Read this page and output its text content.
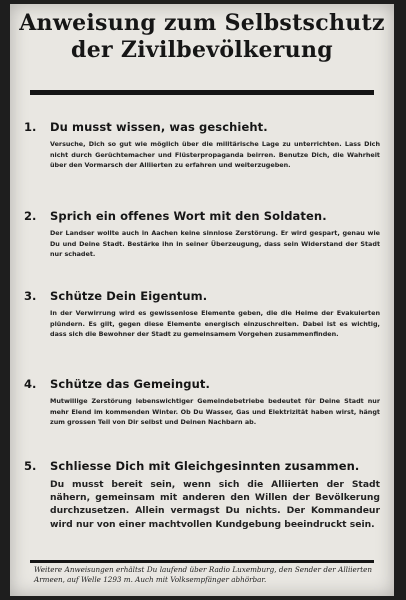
Anweisung zum Selbstschutz
der Zivilbevölkerung
1.	Du musst wissen, was geschieht.
Versuche, Dich so gut wie möglich über die militärische Lage zu unterrichten. Lass Dich nicht durch Gerüchtemacher und Flüsterpropaganda beirren. Benutze Dich, die Wahrheit über den Vormarsch der Alliierten zu erfahren und weiterzugeben.
2.	Sprich ein offenes Wort mit den Soldaten.
Der Landser wollte auch in Aachen keine sinnlose Zerstörung. Er wird gespart, genau wie Du und Deine Stadt. Bestärke ihn in seiner Überzeugung, dass sein Widerstand der Stadt nur schadet.
3.	Schütze Dein Eigentum.
In der Verwirrung wird es gewissenlose Elemente geben, die die Heime der Evakuierten plündern. Es gilt, gegen diese Elemente energisch einzuschreiten. Dabei ist es wichtig, dass sich die Bewohner der Stadt zu gemeinsamem Vorgehen zusammenfinden.
4.	Schütze das Gemeingut.
Mutwillige Zerstörung lebenswichtiger Gemeindebetriebe bedeutet für Deine Stadt nur mehr Elend im kommenden Winter. Ob Du Wasser, Gas und Elektrizität haben wirst, hängt zum grossen Teil von Dir selbst und Deinen Nachbarn ab.
5.	Schliesse Dich mit Gleichgesinnten zusammen.
Du musst bereit sein, wenn sich die Alliierten der Stadt nähern, gemeinsam mit anderen den Willen der Bevölkerung durchzusetzen. Allein vermagst Du nichts. Der Kommandeur wird nur von einer machtvollen Kundgebung beeindruckt sein.
Weitere Anweisungen erhältst Du laufend über Radio Luxemburg, den Sender der Alliierten Armeen, auf Welle 1293 m. Auch mit Volksempfänger abhörbar.
